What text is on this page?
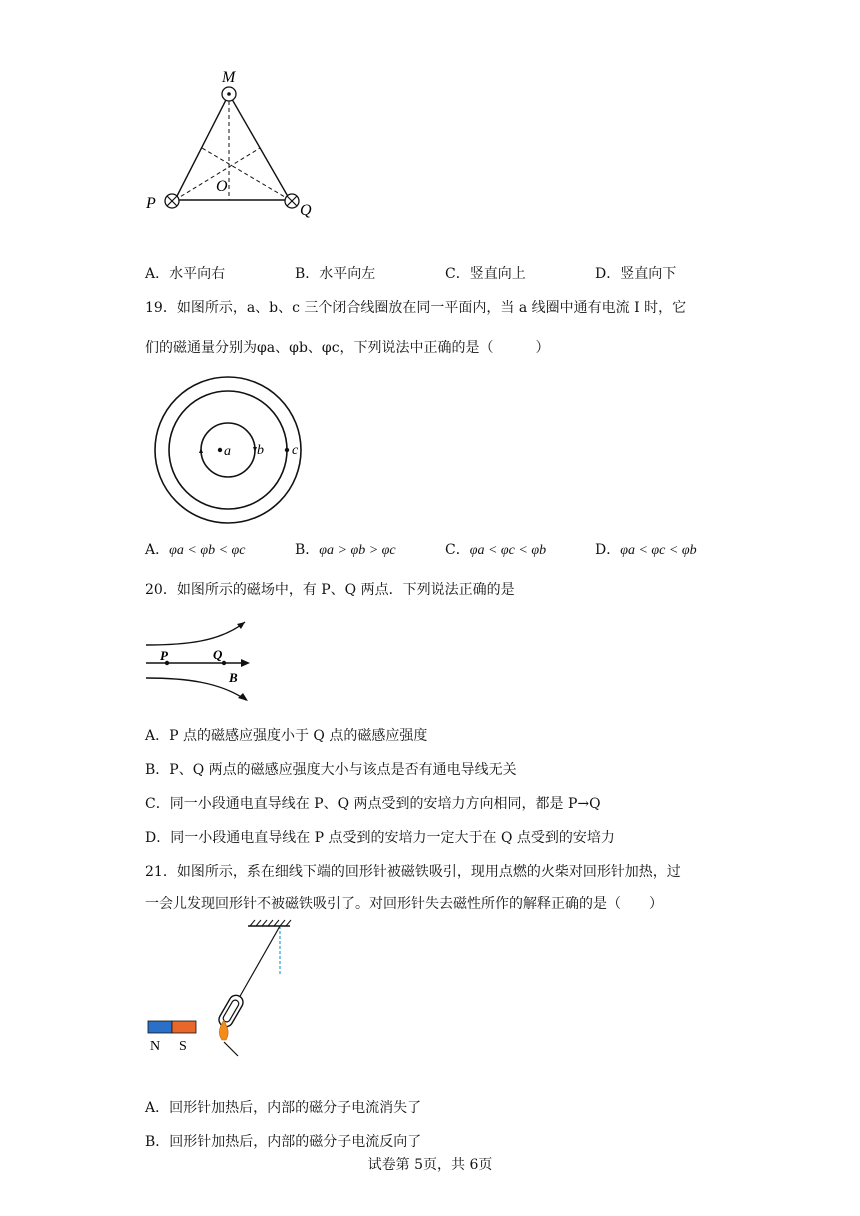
M
O
P	Q
A．水平向右	B．水平向左	C．竖直向上	D．竖直向下
19．如图所示，a、b、c 三个闭合线圈放在同一平面内，当 a 线圈中通有电流 I 时，它
们的磁通量分别为φa、φb、φc，下列说法中正确的是（　　　）
a b c
A．φa < φb < φc	B．φa > φb > φc	C．φa < φc < φb	D．φa < φc < φb
20．如图所示的磁场中，有 P、Q 两点．下列说法正确的是
P	Q
B
A．P 点的磁感应强度小于 Q 点的磁感应强度
B．P、Q 两点的磁感应强度大小与该点是否有通电导线无关
C．同一小段通电直导线在 P、Q 两点受到的安培力方向相同，都是 P→Q
D．同一小段通电直导线在 P 点受到的安培力一定大于在 Q 点受到的安培力
21．如图所示，系在细线下端的回形针被磁铁吸引，现用点燃的火柴对回形针加热，过
一会儿发现回形针不被磁铁吸引了。对回形针失去磁性所作的解释正确的是（　　）
N S
A．回形针加热后，内部的磁分子电流消失了
B．回形针加热后，内部的磁分子电流反向了
试卷第 5页，共 6页
